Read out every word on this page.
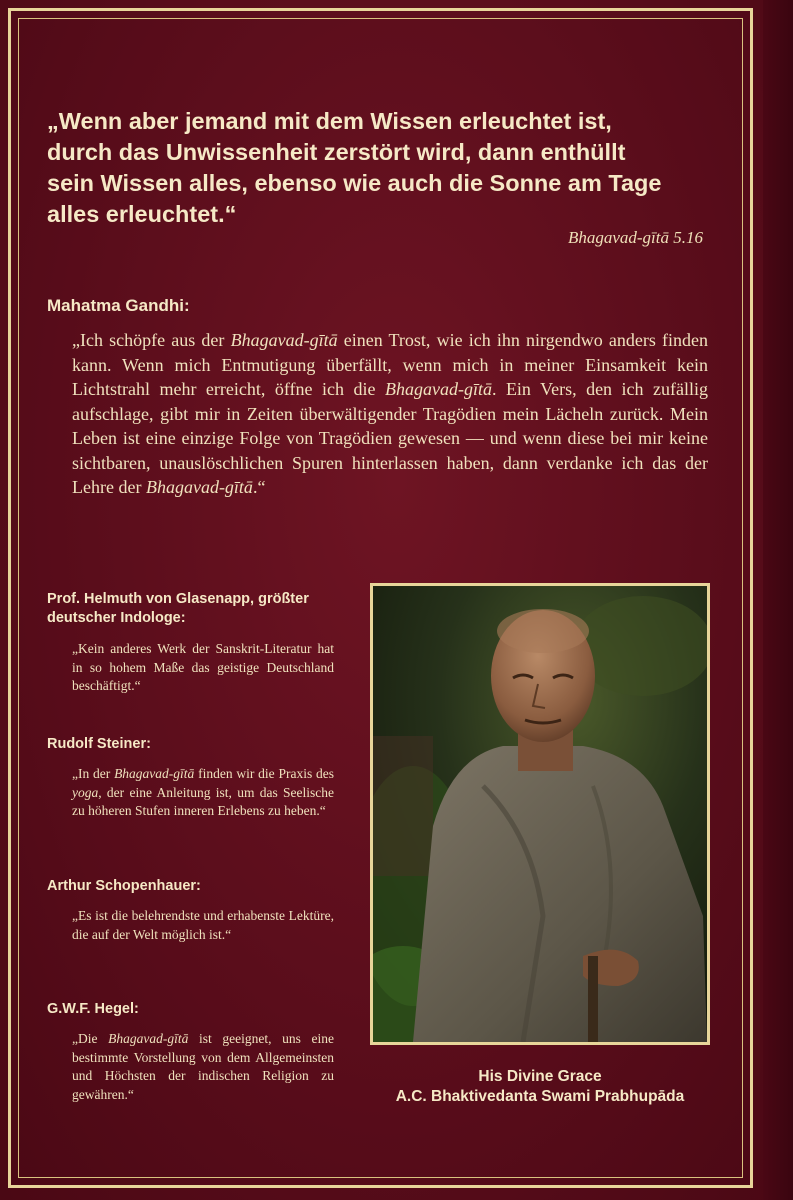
„Wenn aber jemand mit dem Wissen erleuchtet ist,
durch das Unwissenheit zerstört wird, dann enthüllt
sein Wissen alles, ebenso wie auch die Sonne am Tage
alles erleuchtet.“
Bhagavad-gītā 5.16
Mahatma Gandhi:
„Ich schöpfe aus der Bhagavad-gītā einen Trost, wie ich ihn nirgendwo anders finden kann. Wenn mich Entmutigung überfällt, wenn mich in meiner Einsamkeit kein Lichtstrahl mehr erreicht, öffne ich die Bhagavad-gītā. Ein Vers, den ich zufällig aufschlage, gibt mir in Zeiten überwältigender Tragödien mein Lächeln zurück. Mein Leben ist eine einzige Folge von Tragödien gewesen — und wenn diese bei mir keine sichtbaren, unauslöschlichen Spuren hinterlassen haben, dann verdanke ich das der Lehre der Bhagavad-gītā.“
Prof. Helmuth von Glasenapp, größter deutscher Indologe:
„Kein anderes Werk der Sanskrit-Literatur hat in so hohem Maße das geistige Deutschland beschäftigt.“
Rudolf Steiner:
„In der Bhagavad-gītā finden wir die Praxis des yoga, der eine Anleitung ist, um das Seelische zu höheren Stufen inneren Erlebens zu heben.“
Arthur Schopenhauer:
„Es ist die belehrendste und erhabenste Lektüre, die auf der Welt möglich ist.“
G.W.F. Hegel:
„Die Bhagavad-gītā ist geeignet, uns eine bestimmte Vorstellung von dem Allgemeinsten und Höchsten der indischen Religion zu gewähren.“
His Divine Grace
A.C. Bhaktivedanta Swami Prabhupāda
